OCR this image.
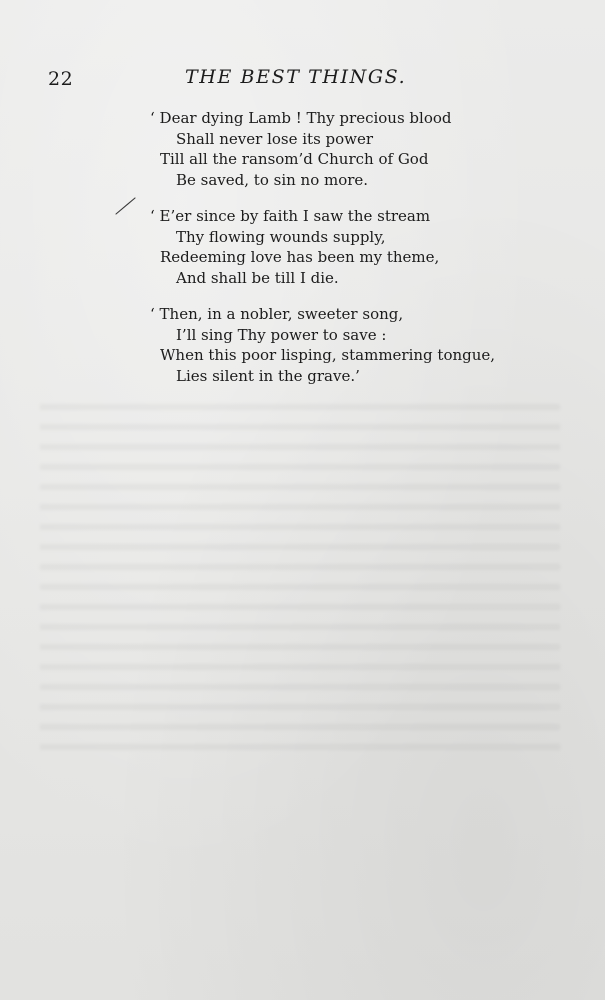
22	THE BEST THINGS.
‘ Dear dying Lamb ! Thy precious blood
Shall never lose its power
Till all the ransom’d Church of God
Be saved, to sin no more.
‘ E’er since by faith I saw the stream
Thy flowing wounds supply,
Redeeming love has been my theme,
And shall be till I die.
‘ Then, in a nobler, sweeter song,
I’ll sing Thy power to save :
When this poor lisping, stammering tongue,
Lies silent in the grave.’
